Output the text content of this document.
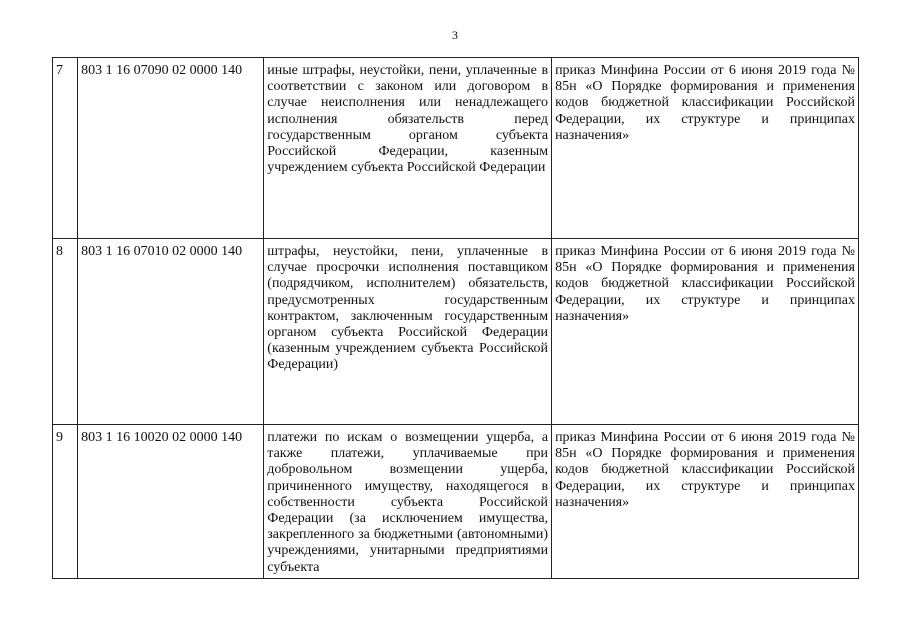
3
7	803 1 16 07090 02 0000 140	иные штрафы, неустойки, пени, уплаченные в соответствии с законом или договором в случае неисполнения или ненадлежащего исполнения обязательств перед государственным органом субъекта Российской Федерации, казенным учреждением субъекта Российской Федерации	приказ Минфина России от 6 июня 2019 года № 85н «О Порядке формирования и применения кодов бюджетной классификации Российской Федерации, их структуре и принципах назначения»
8	803 1 16 07010 02 0000 140	штрафы, неустойки, пени, уплаченные в случае просрочки исполнения поставщиком (подрядчиком, исполнителем) обязательств, предусмотренных государственным контрактом, заключенным государственным органом субъекта Российской Федерации (казенным учреждением субъекта Российской Федерации)	приказ Минфина России от 6 июня 2019 года № 85н «О Порядке формирования и применения кодов бюджетной классификации Российской Федерации, их структуре и принципах назначения»
9	803 1 16 10020 02 0000 140	платежи по искам о возмещении ущерба, а также платежи, уплачиваемые при добровольном возмещении ущерба, причиненного имуществу, находящегося в собственности субъекта Российской Федерации (за исключением имущества, закрепленного за бюджетными (автономными) учреждениями, унитарными предприятиями субъекта	приказ Минфина России от 6 июня 2019 года № 85н «О Порядке формирования и применения кодов бюджетной классификации Российской Федерации, их структуре и принципах назначения»
